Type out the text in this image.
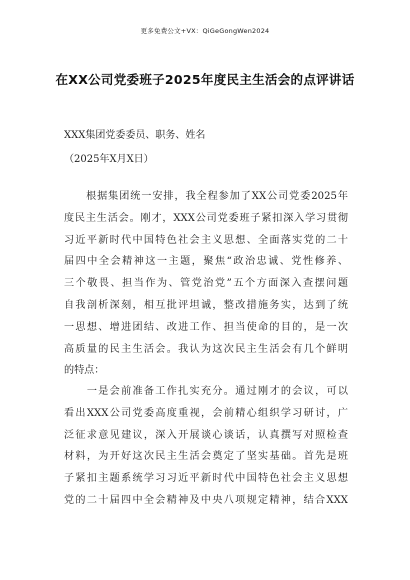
更多免费公文+VX：QiGeGongWen2024
在XX公司党委班子2025年度民主生活会的点评讲话
XXX集团党委委员、职务、姓名
（2025年X月X日）
　　根据集团统一安排，我全程参加了XX公司党委2025年
度民主生活会。刚才，XXX公司党委班子紧扣深入学习贯彻
习近平新时代中国特色社会主义思想、全面落实党的二十
届四中全会精神这一主题，聚焦“政治忠诚、党性修养、
三个敬畏、担当作为、管党治党”五个方面深入查摆问题
自我剖析深刻，相互批评坦诚，整改措施务实，达到了统
一思想、增进团结、改进工作、担当使命的目的，是一次
高质量的民主生活会。我认为这次民主生活会有几个鲜明
的特点：
　　一是会前准备工作扎实充分。通过刚才的会议，可以
看出XXX公司党委高度重视，会前精心组织学习研讨，广
泛征求意见建议，深入开展谈心谈话，认真撰写对照检查
材料，为开好这次民主生活会奠定了坚实基础。首先是班
子紧扣主题系统学习习近平新时代中国特色社会主义思想
党的二十届四中全会精神及中央八项规定精神，结合XXX
